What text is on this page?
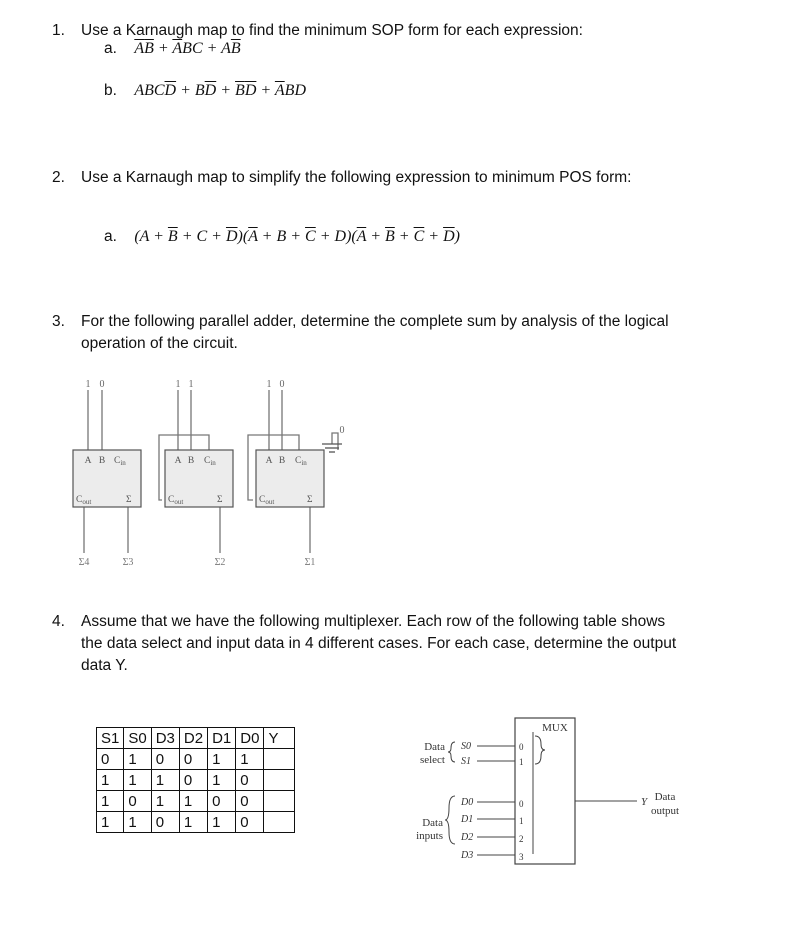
1. Use a Karnaugh map to find the minimum SOP form for each expression:
a. $\overline{A}\overline{B} + \overline{A}BC + A\overline{B}$
b. $ABC\overline{D} + B\overline{D} + \overline{B}\overline{D} + \overline{A}BD$
2. Use a Karnaugh map to simplify the following expression to minimum POS form:
a. $(A + \overline{B} + C + \overline{D})(\overline{A} + B + \overline{C} + D)(\overline{A} + \overline{B} + \overline{C} + \overline{D})$
3. For the following parallel adder, determine the complete sum by analysis of the logical
operation of the circuit.
1 0	1 1	1 0
0
A B $C_{in}$
$C_{out}$	Σ
A B $C_{in}$
$C_{out}$	Σ
A B $C_{in}$
$C_{out}$	Σ
Σ4	Σ3	Σ2	Σ1
4. Assume that we have the following multiplexer. Each row of the following table shows
the data select and input data in 4 different cases. For each case, determine the output
data Y.
S1	S0	D3	D2	D1	D0	Y
0	1	0	0	1	1	
1	1	1	0	1	0	
1	0	1	1	0	0	
1	1	0	1	1	0	
MUX
Data
select
S0
S1
0
1
Data
inputs
D0
D1
D2
D3
0
1
2
3
Y Data
output
